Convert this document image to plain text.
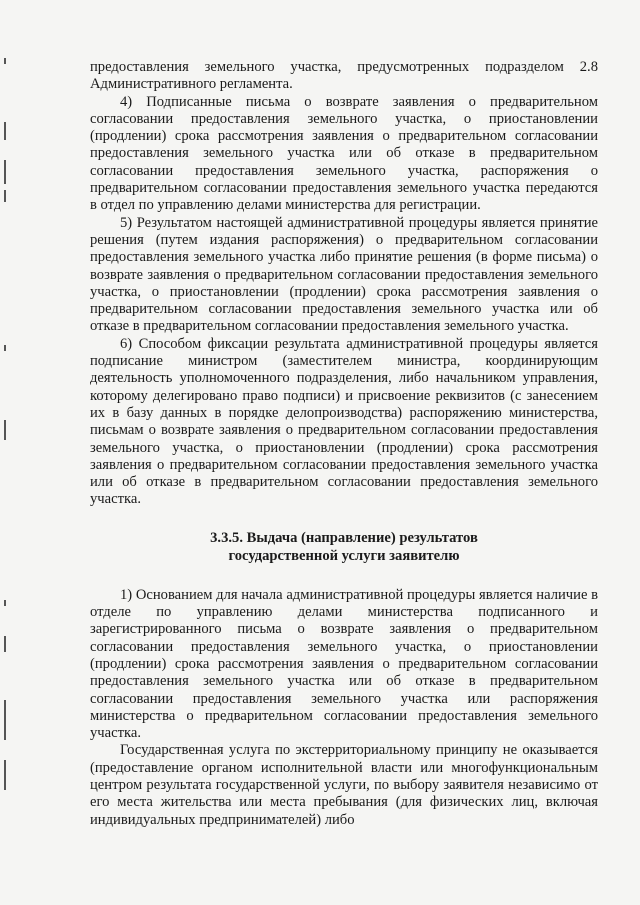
предоставления земельного участка, предусмотренных подразделом 2.8 Административного регламента.

4) Подписанные письма о возврате заявления о предварительном согласовании предоставления земельного участка, о приостановлении (продлении) срока рассмотрения заявления о предварительном согласовании предоставления земельного участка или об отказе в предварительном согласовании предоставления земельного участка, распоряжения о предварительном согласовании предоставления земельного участка передаются в отдел по управлению делами министерства для регистрации.

5) Результатом настоящей административной процедуры является принятие решения (путем издания распоряжения) о предварительном согласовании предоставления земельного участка либо принятие решения (в форме письма) о возврате заявления о предварительном согласовании предоставления земельного участка, о приостановлении (продлении) срока рассмотрения заявления о предварительном согласовании предоставления земельного участка или об отказе в предварительном согласовании предоставления земельного участка.

6) Способом фиксации результата административной процедуры является подписание министром (заместителем министра, координирующим деятельность уполномоченного подразделения, либо начальником управления, которому делегировано право подписи) и присвоение реквизитов (с занесением их в базу данных в порядке делопроизводства) распоряжению министерства, письмам о возврате заявления о предварительном согласовании предоставления земельного участка, о приостановлении (продлении) срока рассмотрения заявления о предварительном согласовании предоставления земельного участка или об отказе в предварительном согласовании предоставления земельного участка.

3.3.5. Выдача (направление) результатов
государственной услуги заявителю

1) Основанием для начала административной процедуры является наличие в отделе по управлению делами министерства подписанного и зарегистрированного письма о возврате заявления о предварительном согласовании предоставления земельного участка, о приостановлении (продлении) срока рассмотрения заявления о предварительном согласовании предоставления земельного участка или об отказе в предварительном согласовании предоставления земельного участка или распоряжения министерства о предварительном согласовании предоставления земельного участка.

Государственная услуга по экстерриториальному принципу не оказывается (предоставление органом исполнительной власти или многофункциональным центром результата государственной услуги, по выбору заявителя независимо от его места жительства или места пребывания (для физических лиц, включая индивидуальных предпринимателей) либо
